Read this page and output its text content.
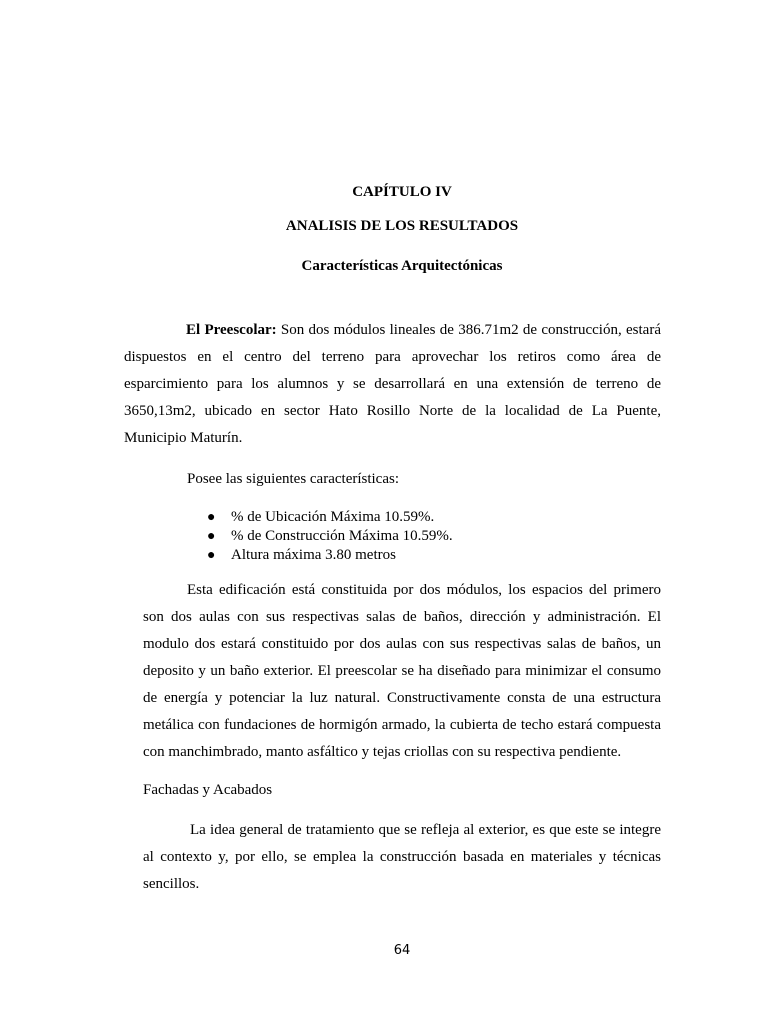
CAPÍTULO IV

ANALISIS DE LOS RESULTADOS

Características Arquitectónicas

El Preescolar: Son dos módulos lineales de 386.71m2 de construcción, estará dispuestos en el centro del terreno para aprovechar los retiros como área de esparcimiento para los alumnos y se desarrollará en una extensión de terreno de 3650,13m2, ubicado en sector Hato Rosillo Norte de la localidad de La Puente, Municipio Maturín.

Posee las siguientes características:

●	% de Ubicación Máxima 10.59%.
●	% de Construcción Máxima 10.59%.
●	Altura máxima 3.80 metros

Esta edificación está constituida por dos módulos, los espacios del primero son dos aulas con sus respectivas salas de baños, dirección y administración. El modulo dos estará constituido por dos aulas con sus respectivas salas de baños, un deposito y un baño exterior. El preescolar se ha diseñado para minimizar el consumo de energía y potenciar la luz natural. Constructivamente consta de una estructura metálica con fundaciones de hormigón armado, la cubierta de techo estará compuesta con manchimbrado, manto asfáltico y tejas criollas con su respectiva pendiente.

Fachadas y Acabados

La idea general de tratamiento que se refleja al exterior, es que este se integre al contexto y, por ello, se emplea la construcción basada en materiales y técnicas sencillos.

64
